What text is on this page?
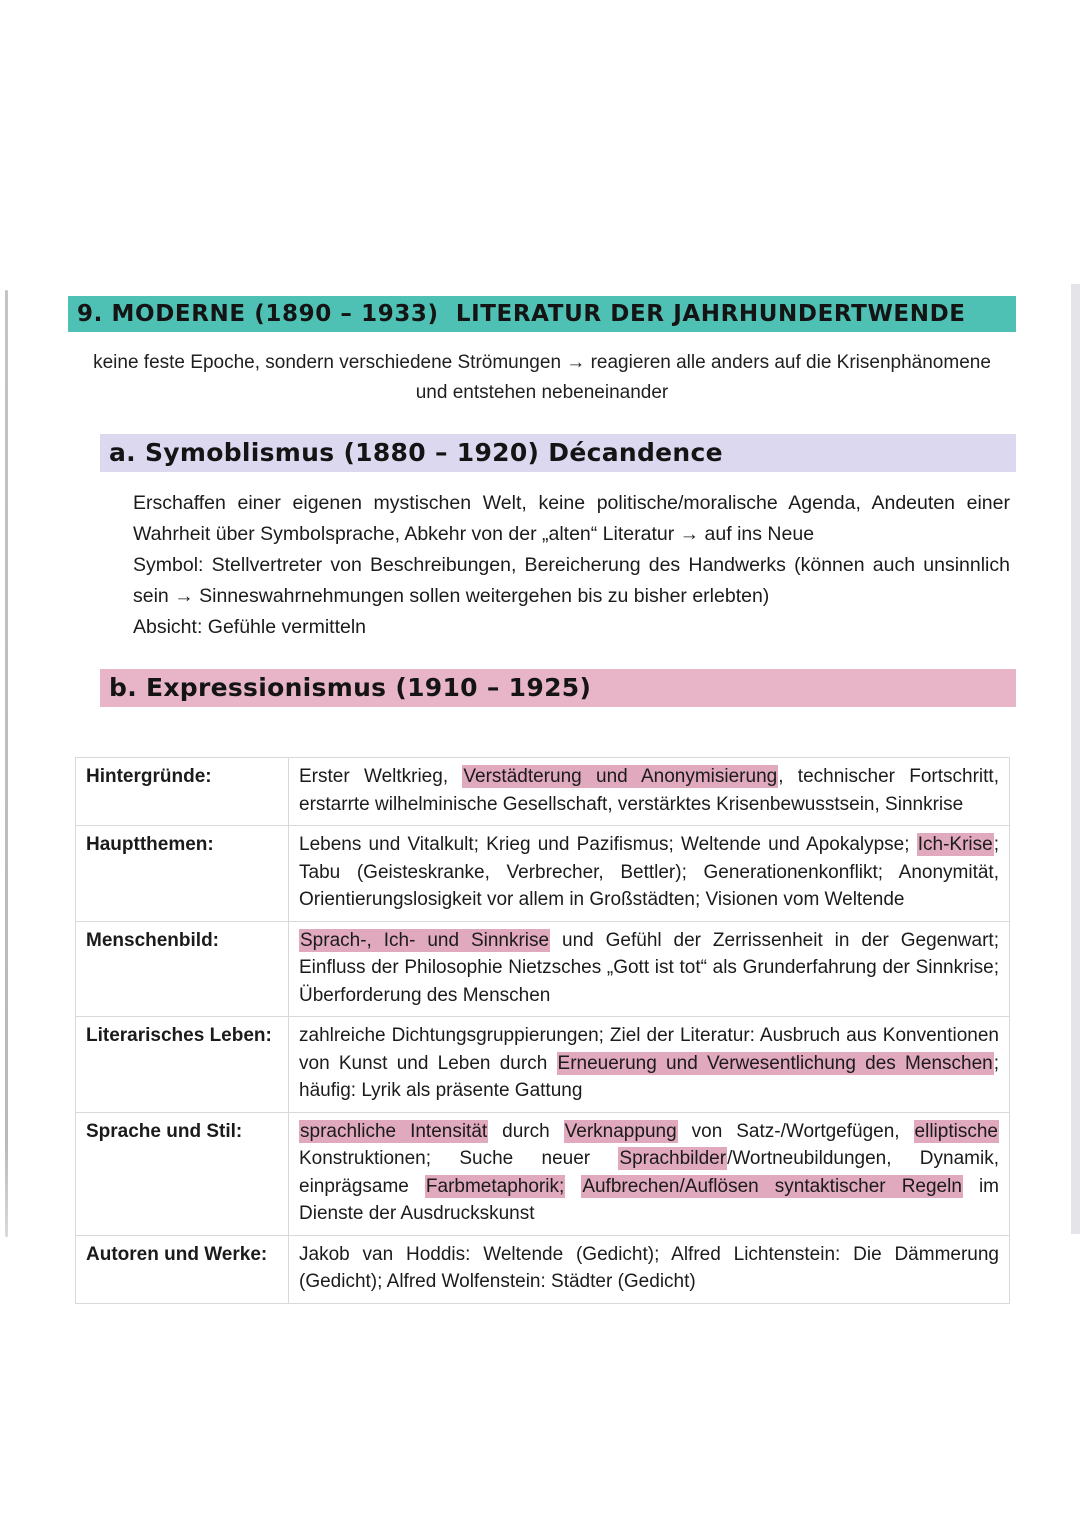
9. MODERNE (1890 – 1933)  LITERATUR DER JAHRHUNDERTWENDE
keine feste Epoche, sondern verschiedene Strömungen → reagieren alle anders auf die Krisenphänomene
und entstehen nebeneinander
a. Symoblismus (1880 – 1920) Décandence

Erschaffen einer eigenen mystischen Welt, keine politische/moralische Agenda, Andeuten einer Wahrheit über Symbolsprache, Abkehr von der „alten“ Literatur → auf ins Neue

Symbol: Stellvertreter von Beschreibungen, Bereicherung des Handwerks (können auch unsinnlich sein → Sinneswahrnehmungen sollen weitergehen bis zu bisher erlebten)

Absicht: Gefühle vermitteln

b. Expressionismus (1910 – 1925)
Hintergründe:	Erster Weltkrieg, Verstädterung und Anonymisierung, technischer Fortschritt, erstarrte wilhelminische Gesellschaft, verstärktes Krisenbewusstsein, Sinnkrise
Hauptthemen:	Lebens und Vitalkult; Krieg und Pazifismus; Weltende und Apokalypse; Ich-Krise; Tabu (Geisteskranke, Verbrecher, Bettler); Generationenkonflikt; Anonymität, Orientierungslosigkeit vor allem in Großstädten; Visionen vom Weltende
Menschenbild:	Sprach-, Ich- und Sinnkrise und Gefühl der Zerrissenheit in der Gegenwart; Einfluss der Philosophie Nietzsches „Gott ist tot“ als Grunderfahrung der Sinnkrise; Überforderung des Menschen
Literarisches Leben:	zahlreiche Dichtungsgruppierungen; Ziel der Literatur: Ausbruch aus Konventionen von Kunst und Leben durch Erneuerung und Verwesentlichung des Menschen; häufig: Lyrik als präsente Gattung
Sprache und Stil:	sprachliche Intensität durch Verknappung von Satz-/Wortgefügen, elliptische Konstruktionen; Suche neuer Sprachbilder/Wortneubildungen, Dynamik, einprägsame Farbmetaphorik; Aufbrechen/Auflösen syntaktischer Regeln im Dienste der Ausdruckskunst
Autoren und Werke:	Jakob van Hoddis: Weltende (Gedicht); Alfred Lichtenstein: Die Dämmerung (Gedicht); Alfred Wolfenstein: Städter (Gedicht)
